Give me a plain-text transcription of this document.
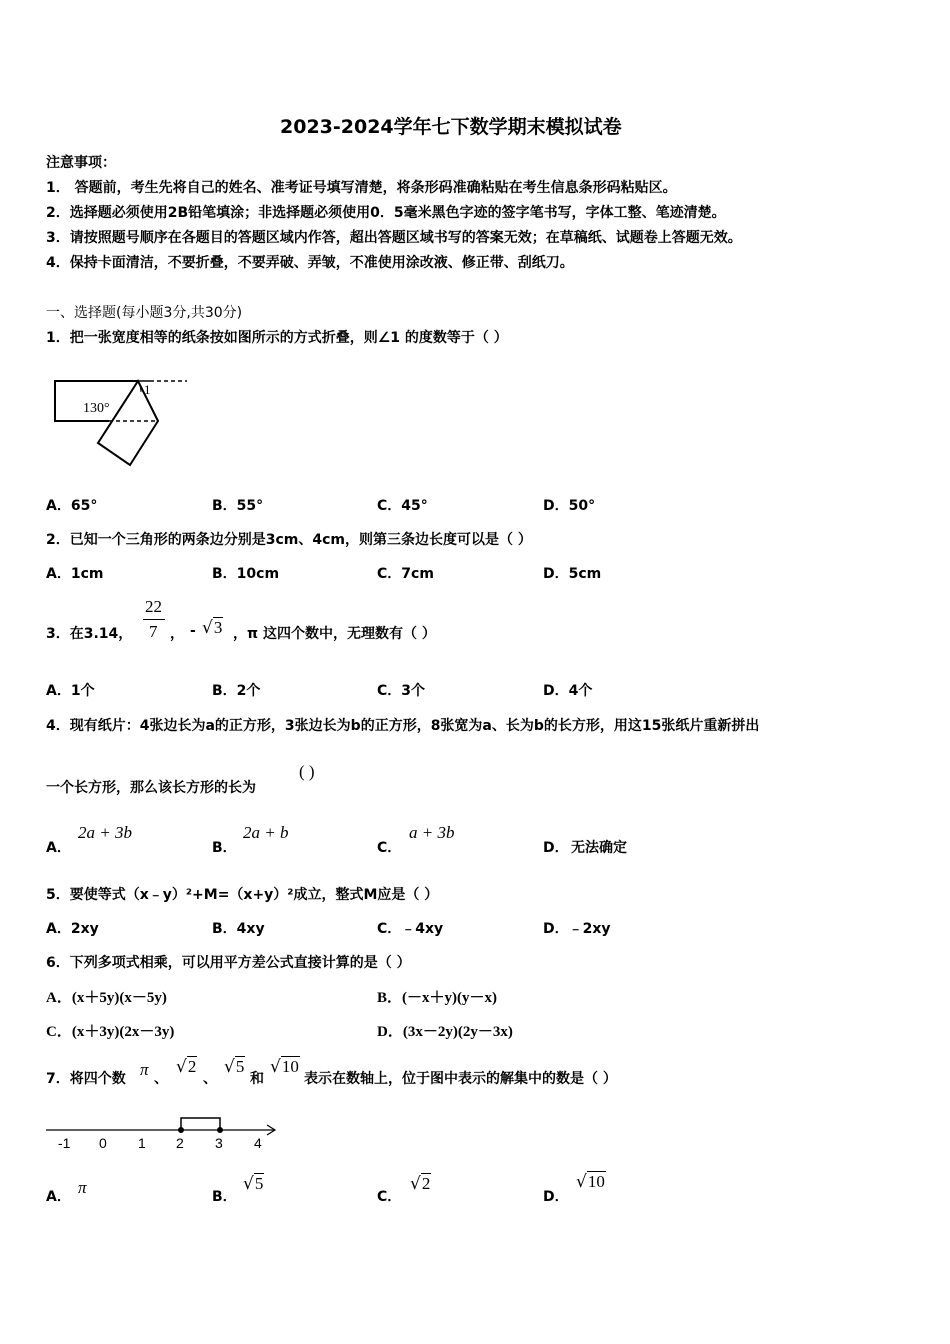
2023-2024学年七下数学期末模拟试卷
注意事项：
1． 答题前，考生先将自己的姓名、准考证号填写清楚，将条形码准确粘贴在考生信息条形码粘贴区。
2．选择题必须使用2B铅笔填涂；非选择题必须使用0．5毫米黑色字迹的签字笔书写，字体工整、笔迹清楚。
3．请按照题号顺序在各题目的答题区域内作答，超出答题区域书写的答案无效；在草稿纸、试题卷上答题无效。
4．保持卡面清洁，不要折叠，不要弄破、弄皱，不准使用涂改液、修正带、刮纸刀。
一、选择题(每小题3分,共30分)
1．把一张宽度相等的纸条按如图所示的方式折叠，则∠1 的度数等于（ ）
130°
1
A．65°	B．55°	C．45°	D．50°
2．已知一个三角形的两条边分别是3cm、4cm，则第三条边长度可以是（ ）
A．1cm	B．10cm	C．7cm	D．5cm
3．在3.14，
22
7 ， - √3 ，π 这四个数中，无理数有（ ）
A．1个	B．2个	C．3个	D．4个
4．现有纸片：4张边长为a的正方形，3张边长为b的正方形，8张宽为a、长为b的长方形，用这15张纸片重新拼出
一个长方形，那么该长方形的长为
( )
A．
2a + 3b
B．
2a + b
C．
a + 3b
D． 无法确定
5．要使等式（x﹣y）²+M=（x+y）²成立，整式M应是（ ）
A．2xy	B．4xy	C．﹣4xy	D．﹣2xy
6．下列多项式相乘，可以用平方差公式直接计算的是（ ）
A．(x＋5y)(x－5y)	B．(－x＋y)(y－x)
C．(x＋3y)(2x－3y)	D．(3x－2y)(2y－3x)
7．将四个数 π 、
√2
、
√5
和
√10
表示在数轴上，位于图中表示的解集中的数是（ ）
-1 0 1 2 3 4
A． π	B．
√5
C．
√2
D．
√10
